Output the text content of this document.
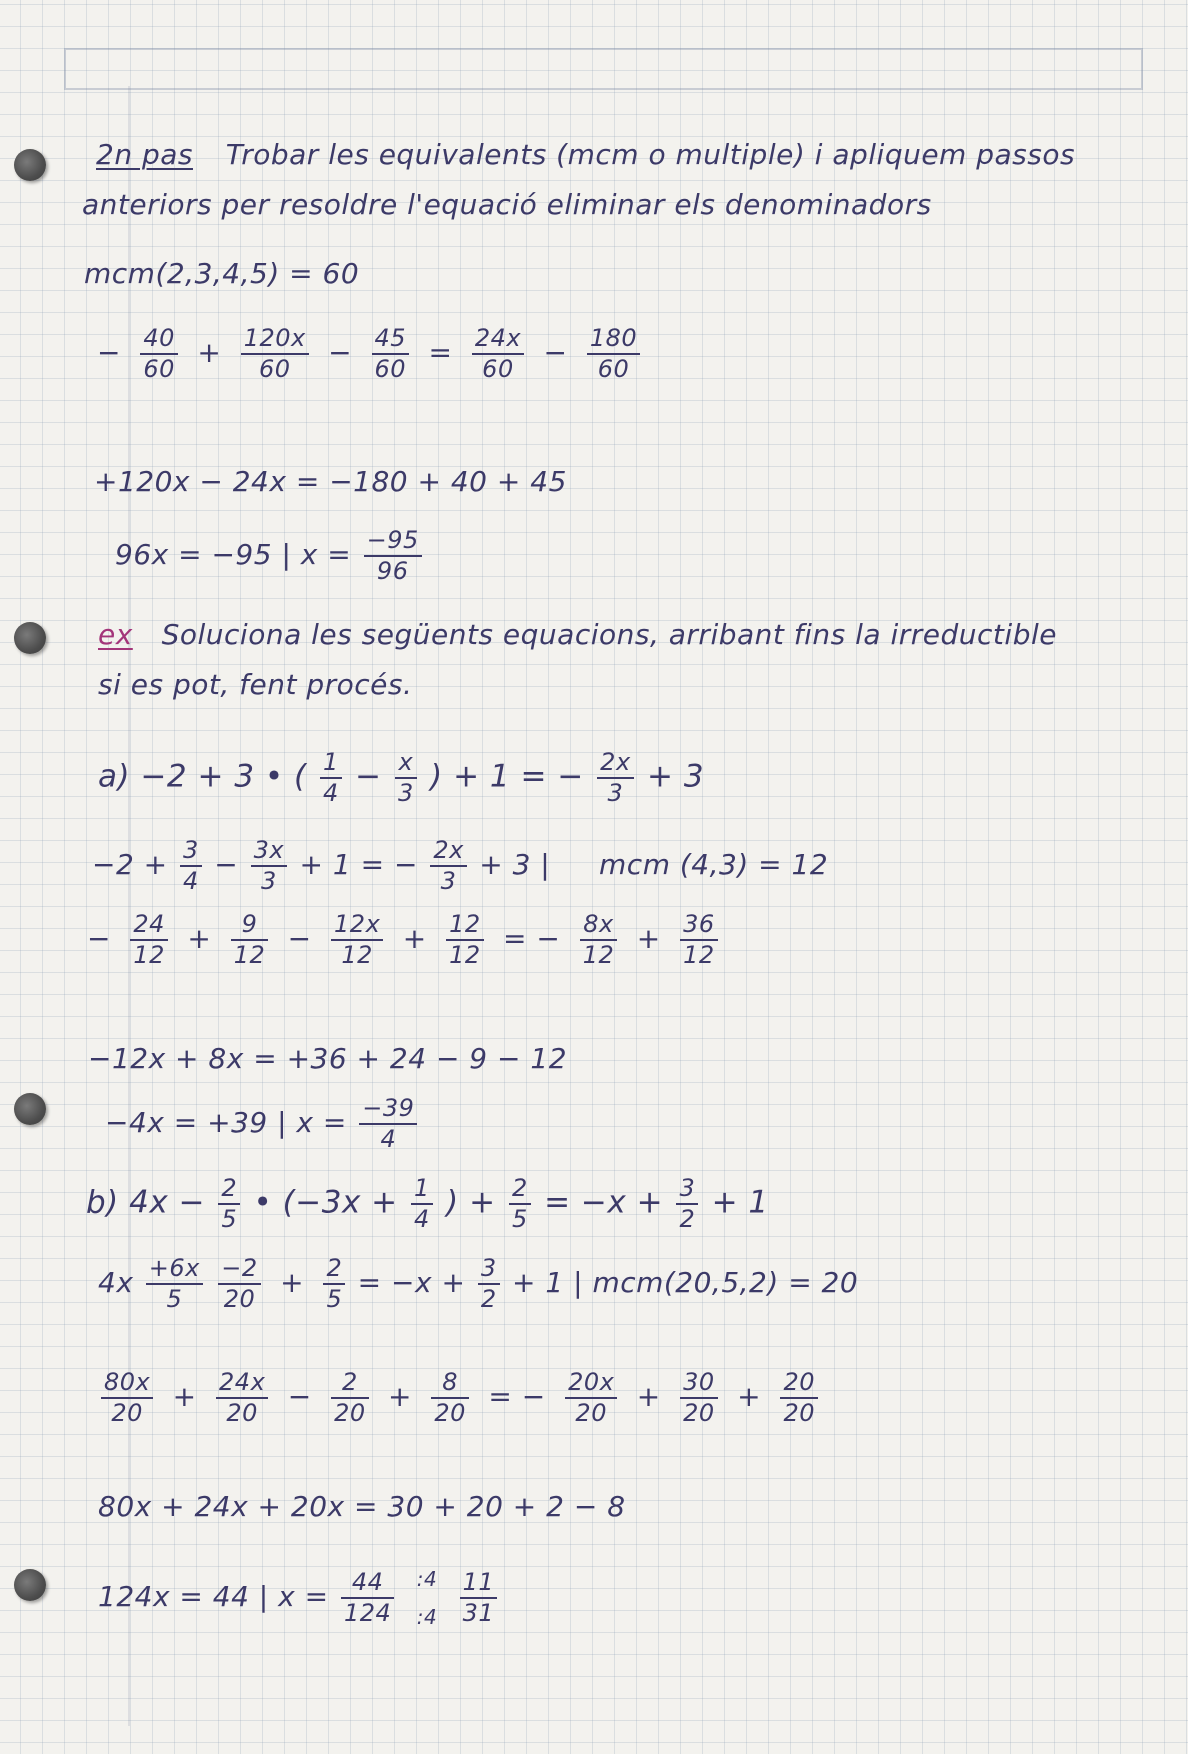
2n pas Trobar les equivalents (mcm o multiple) i apliquem passos
anteriors per resoldre l'equació eliminar els denominadors
mcm(2,3,4,5) = 60
− $\frac{40}{60} + \frac{120x}{60} - \frac{45}{60} = \frac{24x}{60} - \frac{180}{60}$
+120x − 24x = −180 + 40 + 45
96x = −95 | $x = \frac{-95}{96}$
ex Soluciona les següents equacions, arribant fins la irreductible
si es pot, fent procés.
a) −2 + 3 • ( $\frac{1}{4} - \frac{x}{3}$ ) + 1 = − $\frac{2x}{3} + 3$
$-2 + \frac{3}{4} - \frac{3x}{3} + 1$ = − $\frac{2x}{3} + 3$ | mcm (4,3) = 12
− $\frac{24}{12} + \frac{9}{12} - \frac{12x}{12} + \frac{12}{12}$ = − $\frac{8x}{12} + \frac{36}{12}$
−12x + 8x = +36 + 24 − 9 − 12
−4x = +39 | $x = \frac{-39}{4}$
b) $4x - \frac{2}{5}$ • ($-3x + \frac{1}{4}$ ) + $\frac{2}{5} = -x + \frac{3}{2} + 1$
$4x \frac{+6x}{5}$
$\frac{-2}{20} + \frac{2}{5} = -x + \frac{3}{2} + 1$ | mcm(20,5,2) = 20
$\frac{80x}{20} + \frac{24x}{20} - \frac{2}{20} + \frac{8}{20}$ = − $\frac{20x}{20} + \frac{30}{20} + \frac{20}{20}$
80x + 24x + 20x = 30 + 20 + 2 − 8
124x = 44 | $x = \frac{44}{124}$
:4
:4
$\frac{11}{31}$
